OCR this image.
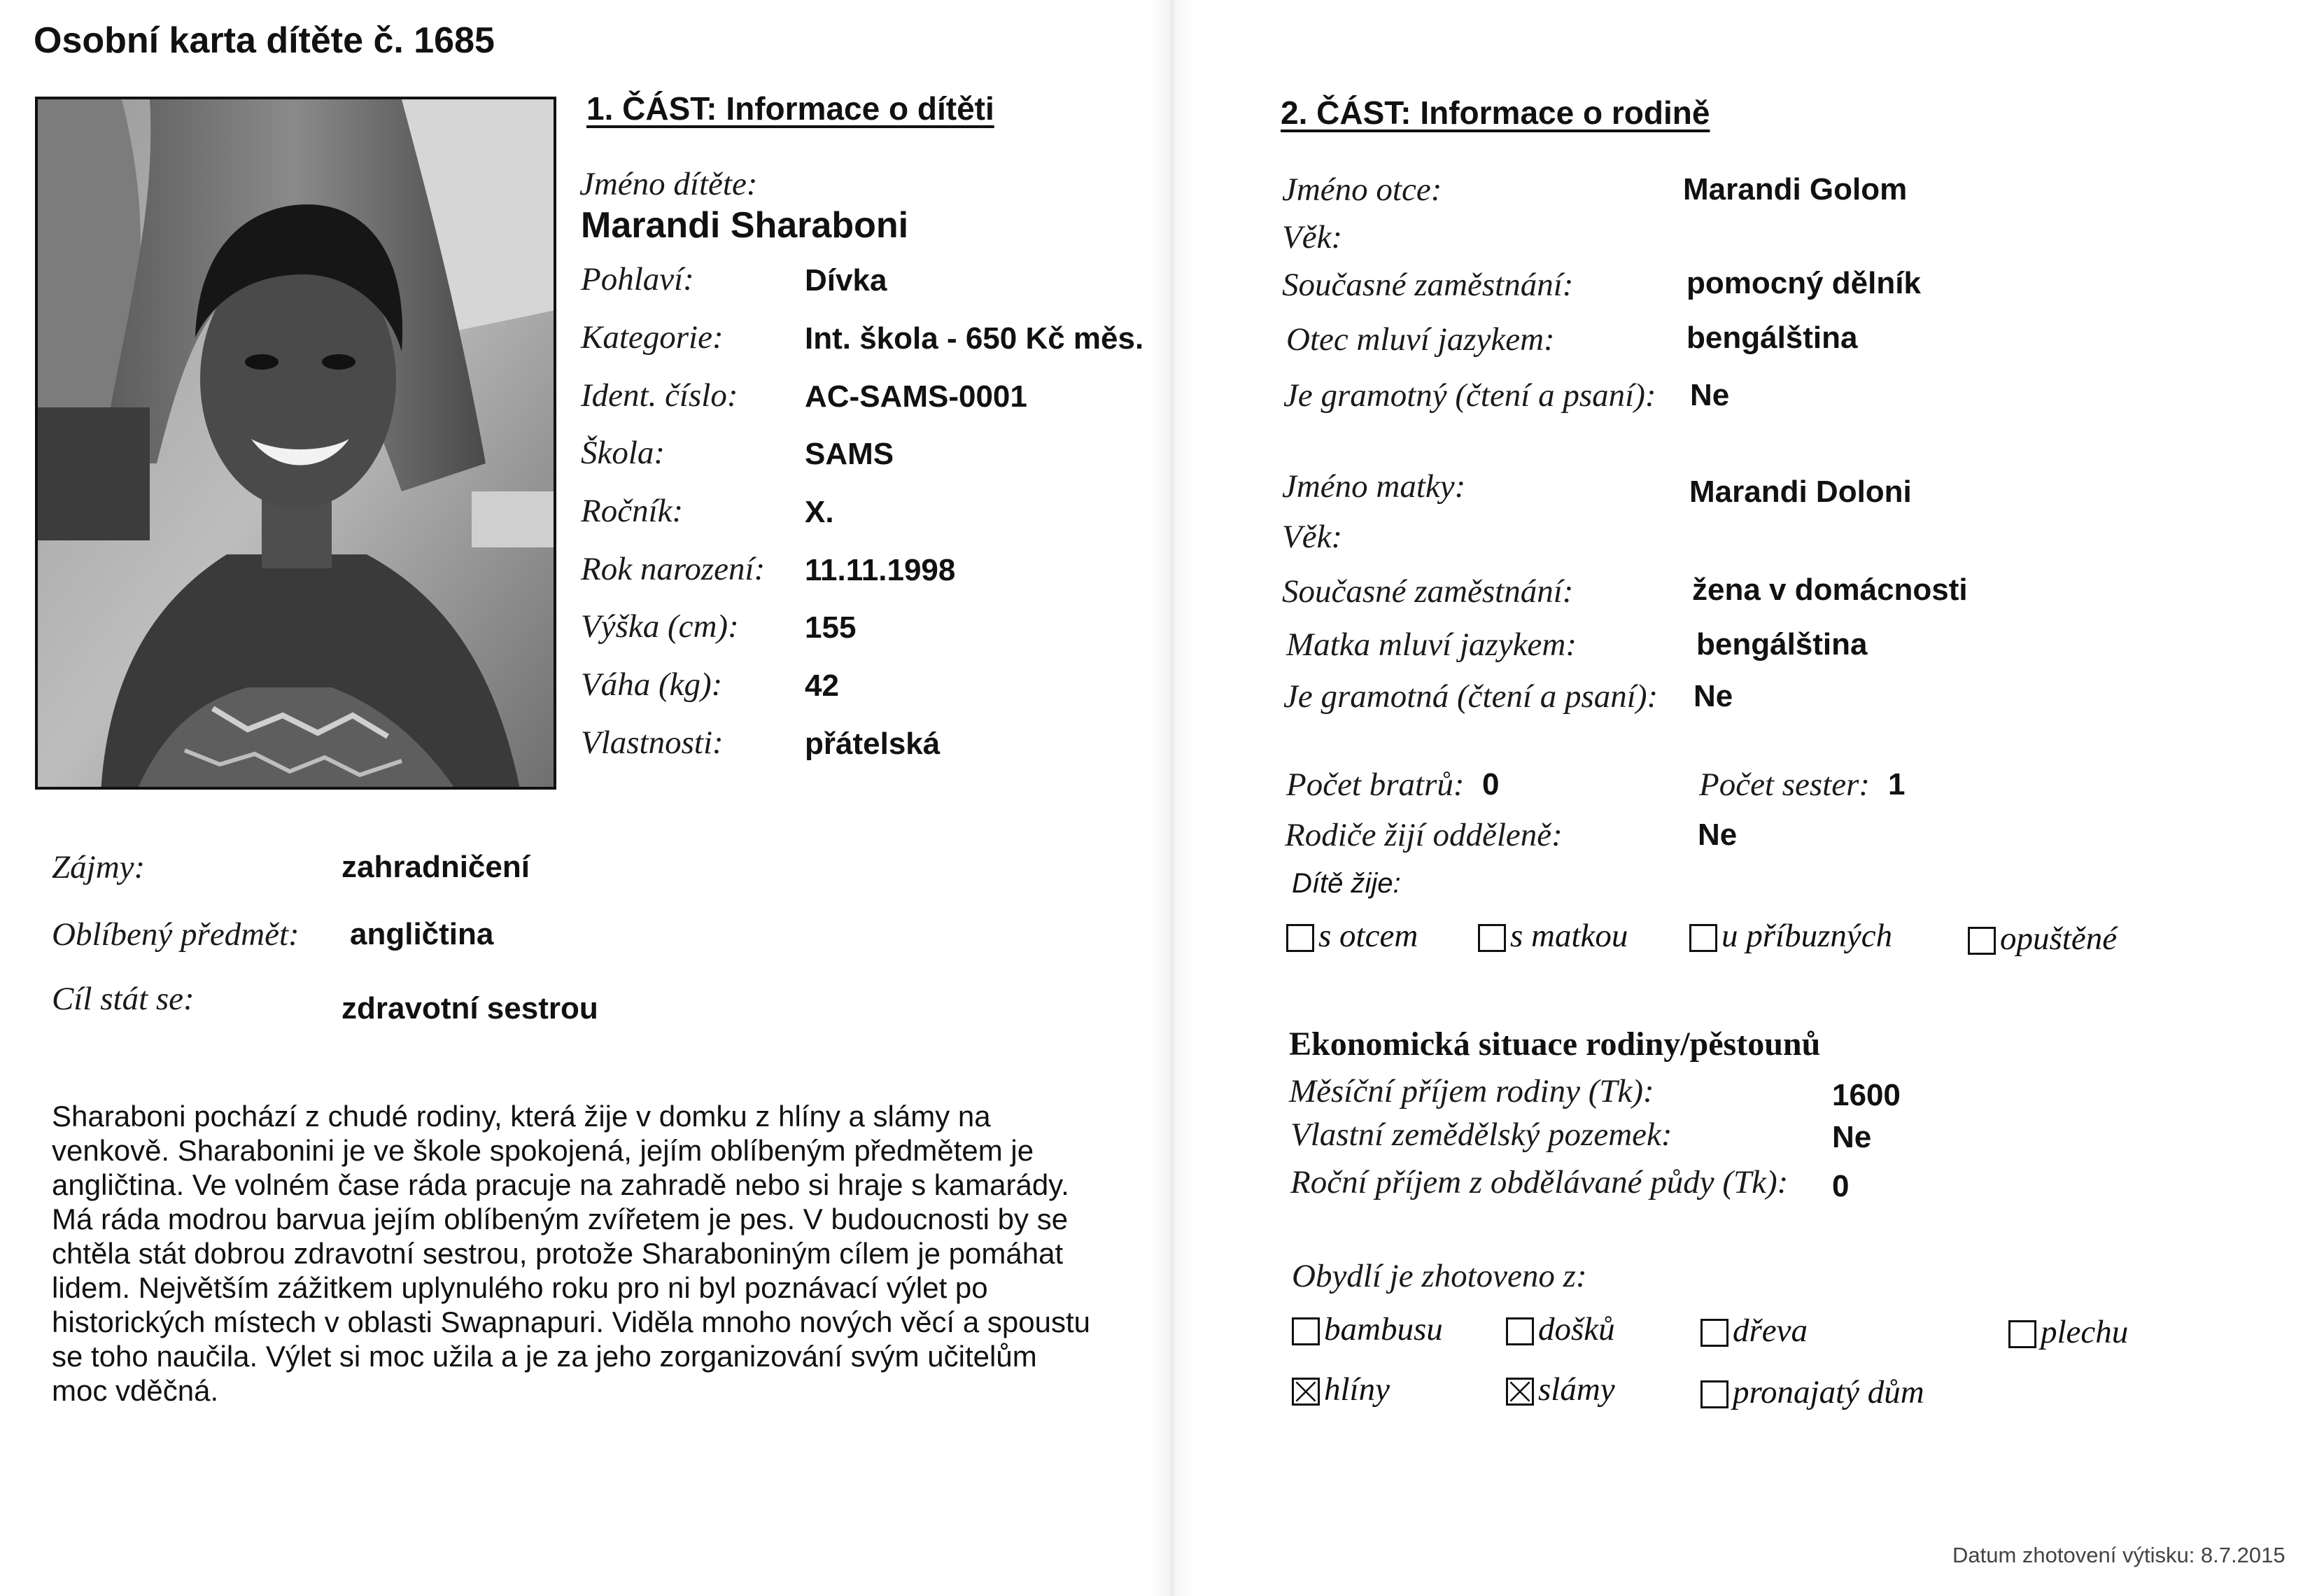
Osobní karta dítěte č. 1685
1. ČÁST: Informace o dítěti
Jméno dítěte:
Marandi Sharaboni
Pohlaví:	Dívka
Kategorie:	Int. škola - 650 Kč měs.
Ident. číslo: AC-SAMS-0001
Škola:	SAMS
Ročník:	X.
Rok narození: 11.11.1998
Výška (cm): 155
Váha (kg):	42
Vlastnosti:	přátelská
Zájmy:	zahradničení
Oblíbený předmět: angličtina
Cíl stát se:	zdravotní sestrou
Sharaboni pochází z chudé rodiny, která žije v domku z hlíny a slámy na
venkově. Sharabonini je ve škole spokojená, jejím oblíbeným předmětem je
angličtina. Ve volném čase ráda pracuje na zahradě nebo si hraje s kamarády.
Má ráda modrou barvua jejím oblíbeným zvířetem je pes. V budoucnosti by se
chtěla stát dobrou zdravotní sestrou, protože Sharaboniným cílem je pomáhat
lidem. Největším zážitkem uplynulého roku pro ni byl poznávací výlet po
historických místech v oblasti Swapnapuri. Viděla mnoho nových věcí a spoustu
se toho naučila. Výlet si moc užila a je za jeho zorganizování svým učitelům
moc vděčná.
2. ČÁST: Informace o rodině
Jméno otce:	Marandi Golom
Věk:
Současné zaměstnání:	pomocný dělník
Otec mluví jazykem:	bengálština
Je gramotný (čtení a psaní): Ne
Jméno matky:	Marandi Doloni
Věk:
Současné zaměstnání:	žena v domácnosti
Matka mluví jazykem:	bengálština
Je gramotná (čtení a psaní): Ne
Počet bratrů: 0	Počet sester: 1
Rodiče žijí odděleně:	Ne
Dítě žije:
s otcem	s matkou	u příbuzných	opuštěné
Ekonomická situace rodiny/pěstounů
Měsíční příjem rodiny (Tk):	1600
Vlastní zemědělský pozemek:	Ne
Roční příjem z obdělávané půdy (Tk): 0
Obydlí je zhotoveno z:
bambusu	došků	dřeva	plechu
hlíny	slámy	pronajatý dům
Datum zhotovení výtisku: 8.7.2015
